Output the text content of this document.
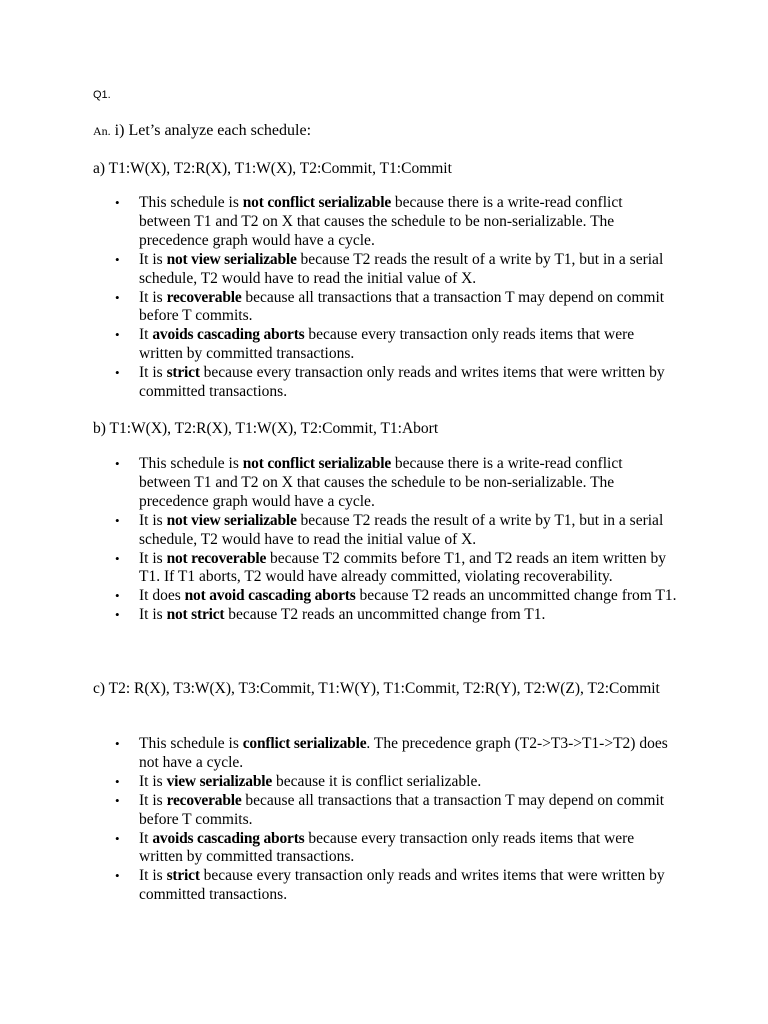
Q1.
An. i) Let’s analyze each schedule:
a) T1:W(X), T2:R(X), T1:W(X), T2:Commit, T1:Commit
• This schedule is not conflict serializable because there is a write-read conflict between T1 and T2 on X that causes the schedule to be non-serializable. The precedence graph would have a cycle.
• It is not view serializable because T2 reads the result of a write by T1, but in a serial schedule, T2 would have to read the initial value of X.
• It is recoverable because all transactions that a transaction T may depend on commit before T commits.
• It avoids cascading aborts because every transaction only reads items that were written by committed transactions.
• It is strict because every transaction only reads and writes items that were written by committed transactions.
b) T1:W(X), T2:R(X), T1:W(X), T2:Commit, T1:Abort
• This schedule is not conflict serializable because there is a write-read conflict between T1 and T2 on X that causes the schedule to be non-serializable. The precedence graph would have a cycle.
• It is not view serializable because T2 reads the result of a write by T1, but in a serial schedule, T2 would have to read the initial value of X.
• It is not recoverable because T2 commits before T1, and T2 reads an item written by T1. If T1 aborts, T2 would have already committed, violating recoverability.
• It does not avoid cascading aborts because T2 reads an uncommitted change from T1.
• It is not strict because T2 reads an uncommitted change from T1.
c) T2: R(X), T3:W(X), T3:Commit, T1:W(Y), T1:Commit, T2:R(Y), T2:W(Z), T2:Commit
• This schedule is conflict serializable. The precedence graph (T2->T3->T1->T2) does not have a cycle.
• It is view serializable because it is conflict serializable.
• It is recoverable because all transactions that a transaction T may depend on commit before T commits.
• It avoids cascading aborts because every transaction only reads items that were written by committed transactions.
• It is strict because every transaction only reads and writes items that were written by committed transactions.
